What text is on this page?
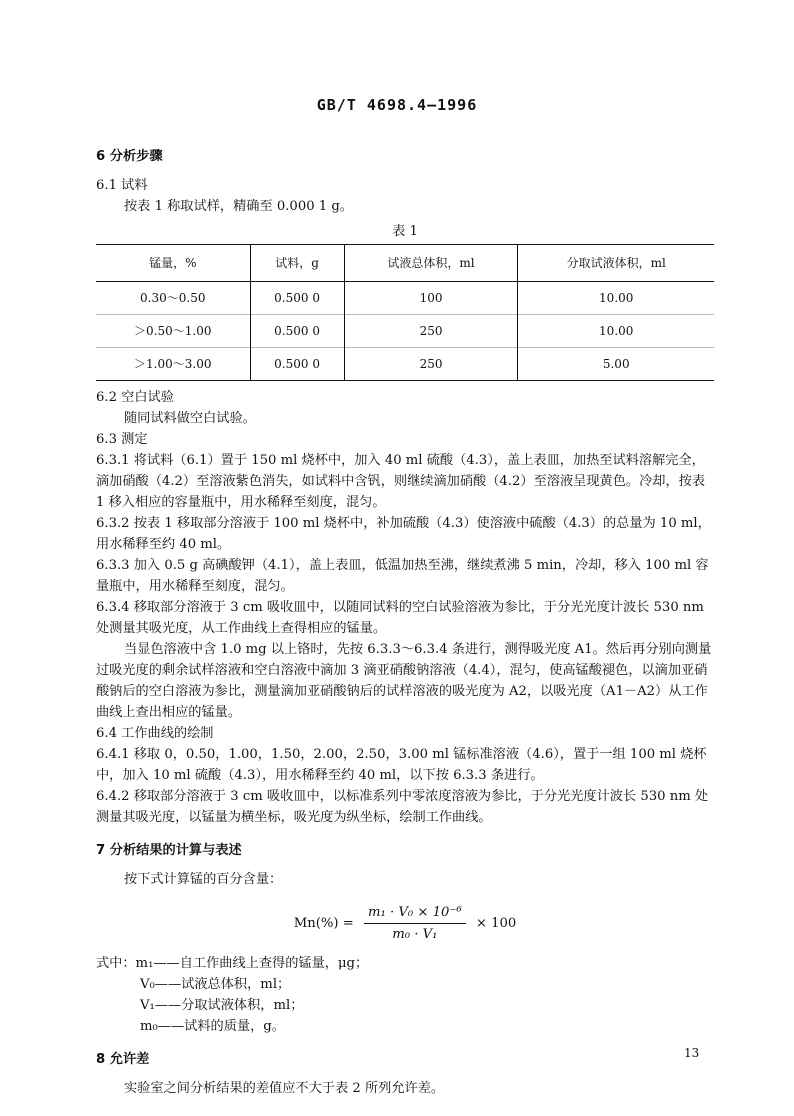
GB/T 4698.4—1996
6 分析步骤
6.1 试料
按表 1 称取试样，精确至 0.000 1 g。
表 1
锰量，%	试料，g	试液总体积，ml	分取试液体积，ml
0.30～0.50	0.500 0	100	10.00
＞0.50～1.00	0.500 0	250	10.00
＞1.00～3.00	0.500 0	250	5.00
6.2 空白试验
随同试料做空白试验。
6.3 测定
6.3.1 将试料（6.1）置于 150 ml 烧杯中，加入 40 ml 硫酸（4.3），盖上表皿，加热至试料溶解完全，滴加硝酸（4.2）至溶液紫色消失，如试料中含钒，则继续滴加硝酸（4.2）至溶液呈现黄色。冷却，按表 1 移入相应的容量瓶中，用水稀释至刻度，混匀。
6.3.2 按表 1 移取部分溶液于 100 ml 烧杯中，补加硫酸（4.3）使溶液中硫酸（4.3）的总量为 10 ml，用水稀释至约 40 ml。
6.3.3 加入 0.5 g 高碘酸钾（4.1），盖上表皿，低温加热至沸，继续煮沸 5 min，冷却，移入 100 ml 容量瓶中，用水稀释至刻度，混匀。
6.3.4 移取部分溶液于 3 cm 吸收皿中，以随同试料的空白试验溶液为参比，于分光光度计波长 530 nm 处测量其吸光度，从工作曲线上查得相应的锰量。
当显色溶液中含 1.0 mg 以上铬时，先按 6.3.3～6.3.4 条进行，测得吸光度 A1。然后再分别向测量过吸光度的剩余试样溶液和空白溶液中滴加 3 滴亚硝酸钠溶液（4.4），混匀，使高锰酸褪色，以滴加亚硝酸钠后的空白溶液为参比，测量滴加亚硝酸钠后的试样溶液的吸光度为 A2，以吸光度（A1－A2）从工作曲线上查出相应的锰量。
6.4 工作曲线的绘制
6.4.1 移取 0，0.50，1.00，1.50，2.00，2.50，3.00 ml 锰标准溶液（4.6），置于一组 100 ml 烧杯中，加入 10 ml 硫酸（4.3），用水稀释至约 40 ml，以下按 6.3.3 条进行。
6.4.2 移取部分溶液于 3 cm 吸收皿中，以标准系列中零浓度溶液为参比，于分光光度计波长 530 nm 处测量其吸光度，以锰量为横坐标，吸光度为纵坐标，绘制工作曲线。
7 分析结果的计算与表述
按下式计算锰的百分含量：
$Mn(\%) = \frac{\text{m₁ · V₀ × 10⁻⁶}}{\text{m₀ · V₁}} \times 100$
式中：m₁——自工作曲线上查得的锰量，μg；
V₀——试液总体积，ml；
V₁——分取试液体积，ml；
m₀——试料的质量，g。
8 允许差
实验室之间分析结果的差值应不大于表 2 所列允许差。
13
